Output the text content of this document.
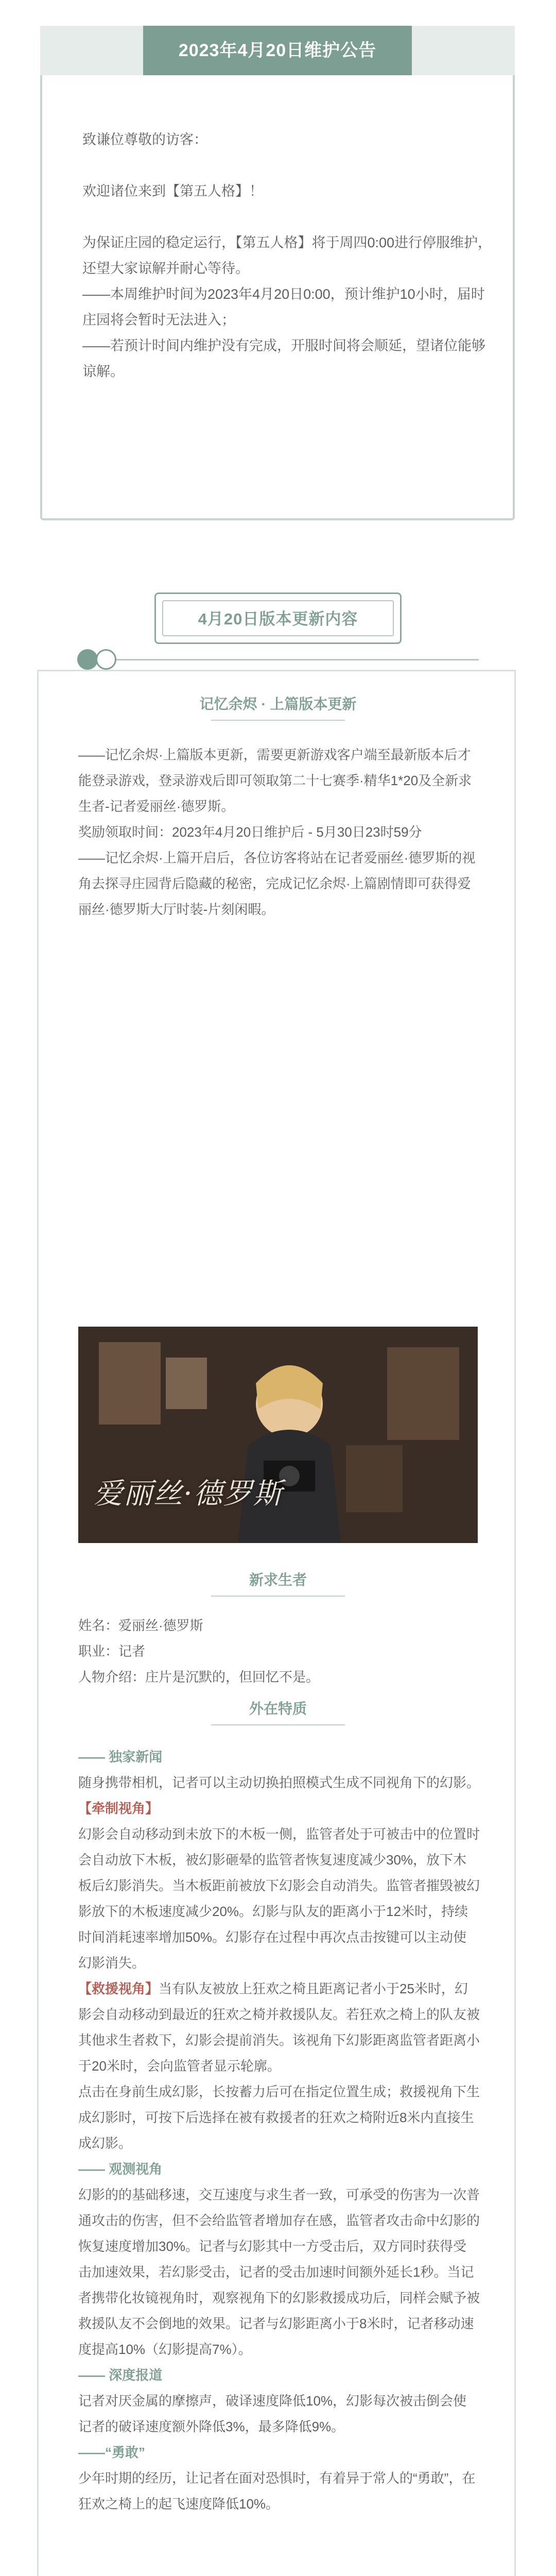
2023年4月20日维护公告

致谦位尊敬的访客：

欢迎诸位来到【第五人格】！

为保证庄园的稳定运行，【第五人格】将于周四0:00进行停服维护，还望大家谅解并耐心等待。

——本周维护时间为2023年4月20日0:00，预计维护10小时，届时庄园将会暂时无法进入；

——若预计时间内维护没有完成，开服时间将会顺延，望诸位能够谅解。

4月20日版本更新内容
记忆余烬 · 上篇版本更新

——记忆余烬·上篇版本更新，需要更新游戏客户端至最新版本后才能登录游戏，登录游戏后即可领取第二十七赛季·精华1*20及全新求生者-记者爱丽丝·德罗斯。

奖励领取时间：2023年4月20日维护后 - 5月30日23时59分

——记忆余烬·上篇开启后，各位访客将站在记者爱丽丝·德罗斯的视角去探寻庄园背后隐藏的秘密，完成记忆余烬·上篇剧情即可获得爱丽丝·德罗斯大厅时装-片刻闲暇。

爱丽丝·德罗斯
新求生者

姓名：爱丽丝·德罗斯

职业：记者

人物介绍：庄片是沉默的，但回忆不是。

外在特质

—— 独家新闻

随身携带相机，记者可以主动切换拍照模式生成不同视角下的幻影。

【牵制视角】

幻影会自动移动到未放下的木板一侧，监管者处于可被击中的位置时会自动放下木板，被幻影砸晕的监管者恢复速度减少30%，放下木板后幻影消失。当木板距前被放下幻影会自动消失。监管者摧毁被幻影放下的木板速度减少20%。幻影与队友的距离小于12米时，持续时间消耗速率增加50%。幻影存在过程中再次点击按键可以主动使幻影消失。

【救援视角】当有队友被放上狂欢之椅且距离记者小于25米时，幻影会自动移动到最近的狂欢之椅并救援队友。若狂欢之椅上的队友被其他求生者救下，幻影会提前消失。该视角下幻影距离监管者距离小于20米时，会向监管者显示轮廓。

点击在身前生成幻影，长按蓄力后可在指定位置生成；救援视角下生成幻影时，可按下后选择在被有救援者的狂欢之椅附近8米内直接生成幻影。

—— 观测视角

幻影的的基础移速，交互速度与求生者一致，可承受的伤害为一次普通攻击的伤害，但不会给监管者增加存在感，监管者攻击命中幻影的恢复速度增加30%。记者与幻影其中一方受击后，双方同时获得受击加速效果，若幻影受击，记者的受击加速时间额外延长1秒。当记者携带化妆镜视角时，观察视角下的幻影救援成功后，同样会赋予被救援队友不会倒地的效果。记者与幻影距离小于8米时，记者移动速度提高10%（幻影提高7%）。

—— 深度报道

记者对厌金属的摩擦声，破译速度降低10%，幻影每次被击倒会使记者的破译速度额外降低3%，最多降低9%。

——“勇敢”

少年时期的经历，让记者在面对恐惧时，有着异于常人的“勇敢”，在狂欢之椅上的起飞速度降低10%。
